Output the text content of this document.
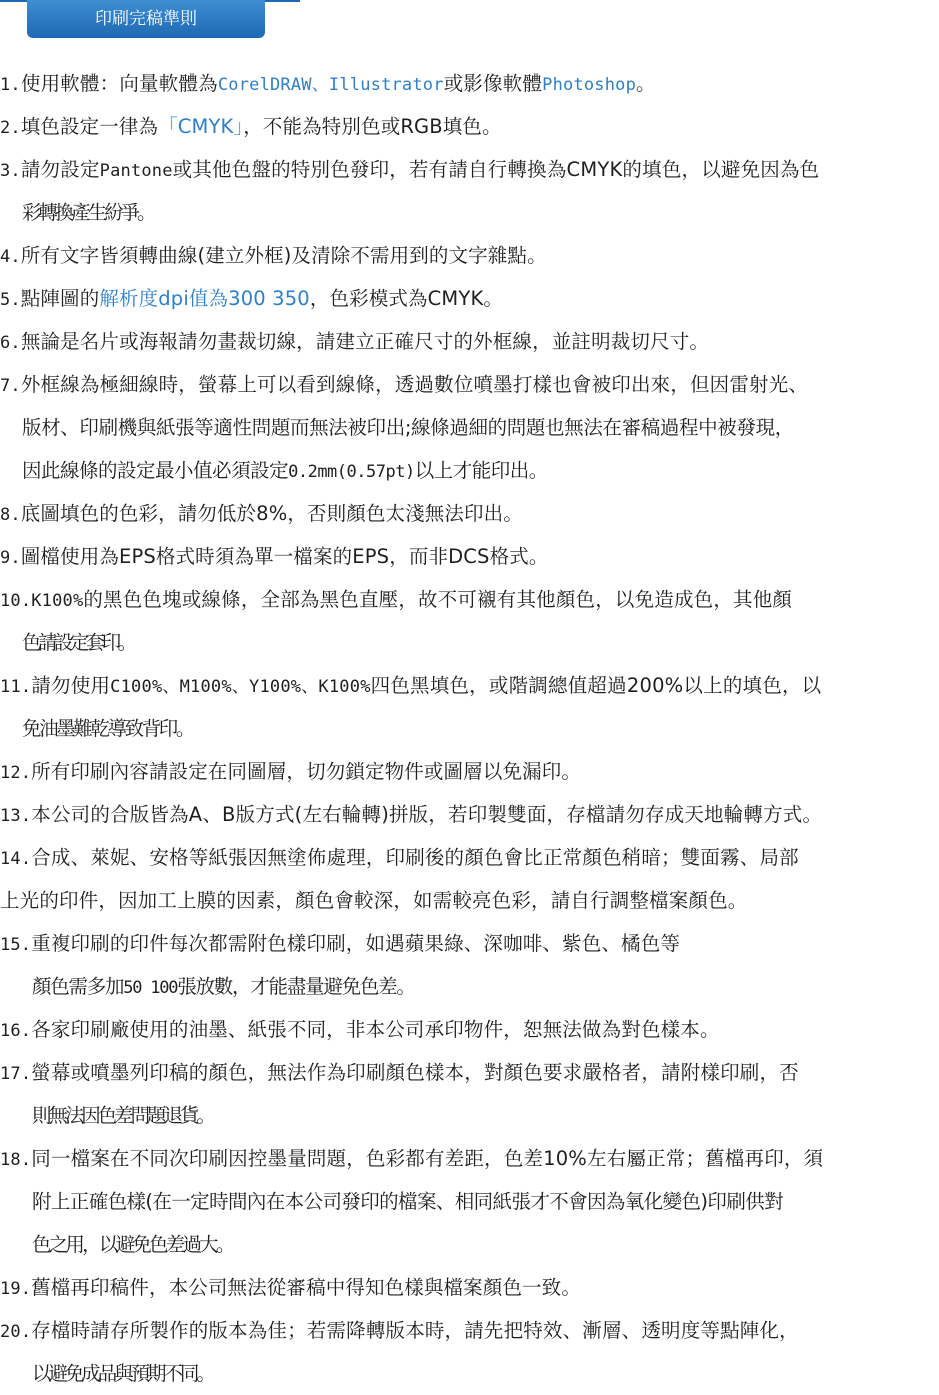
印刷完稿準則
1.使用軟體：向量軟體為CorelDRAW、Illustrator或影像軟體Photoshop。
2.填色設定一律為「CMYK」，不能為特別色或RGB填色。
3.請勿設定Pantone或其他色盤的特別色發印，若有請自行轉換為CMYK的填色，以避免因為色
彩轉換產生紛爭。
4.所有文字皆須轉曲線(建立外框)及清除不需用到的文字雜點。
5.點陣圖的解析度dpi值為300 350，色彩模式為CMYK。
6.無論是名片或海報請勿畫裁切線，請建立正確尺寸的外框線，並註明裁切尺寸。
7.外框線為極細線時，螢幕上可以看到線條，透過數位噴墨打樣也會被印出來，但因雷射光、
版材、印刷機與紙張等適性問題而無法被印出;線條過細的問題也無法在審稿過程中被發現，
因此線條的設定最小值必須設定0.2mm(0.57pt)以上才能印出。
8.底圖填色的色彩，請勿低於8%，否則顏色太淺無法印出。
9.圖檔使用為EPS格式時須為單一檔案的EPS，而非DCS格式。
10.K100%的黑色色塊或線條，全部為黑色直壓，故不可襯有其他顏色，以免造成色，其他顏
色請設定套印。
11.請勿使用C100%、M100%、Y100%、K100%四色黑填色，或階調總值超過200%以上的填色，以
免油墨難乾導致背印。
12.所有印刷內容請設定在同圖層，切勿鎖定物件或圖層以免漏印。
13.本公司的合版皆為A、B版方式(左右輪轉)拼版，若印製雙面，存檔請勿存成天地輪轉方式。
14.合成、萊妮、安格等紙張因無塗佈處理，印刷後的顏色會比正常顏色稍暗；雙面霧、局部
上光的印件，因加工上膜的因素，顏色會較深，如需較亮色彩，請自行調整檔案顏色。
15.重複印刷的印件每次都需附色樣印刷，如遇蘋果綠、深咖啡、紫色、橘色等
顏色需多加50 100張放數，才能盡量避免色差。
16.各家印刷廠使用的油墨、紙張不同，非本公司承印物件，恕無法做為對色樣本。
17.螢幕或噴墨列印稿的顏色，無法作為印刷顏色樣本，對顏色要求嚴格者，請附樣印刷，否
則無法因色差問題退貨。
18.同一檔案在不同次印刷因控墨量問題，色彩都有差距，色差10%左右屬正常；舊檔再印，須
附上正確色樣(在一定時間內在本公司發印的檔案、相同紙張才不會因為氧化變色)印刷供對
色之用，以避免色差過大。
19.舊檔再印稿件，本公司無法從審稿中得知色樣與檔案顏色一致。
20.存檔時請存所製作的版本為佳；若需降轉版本時，請先把特效、漸層、透明度等點陣化，
以避免成品與預期不同。
